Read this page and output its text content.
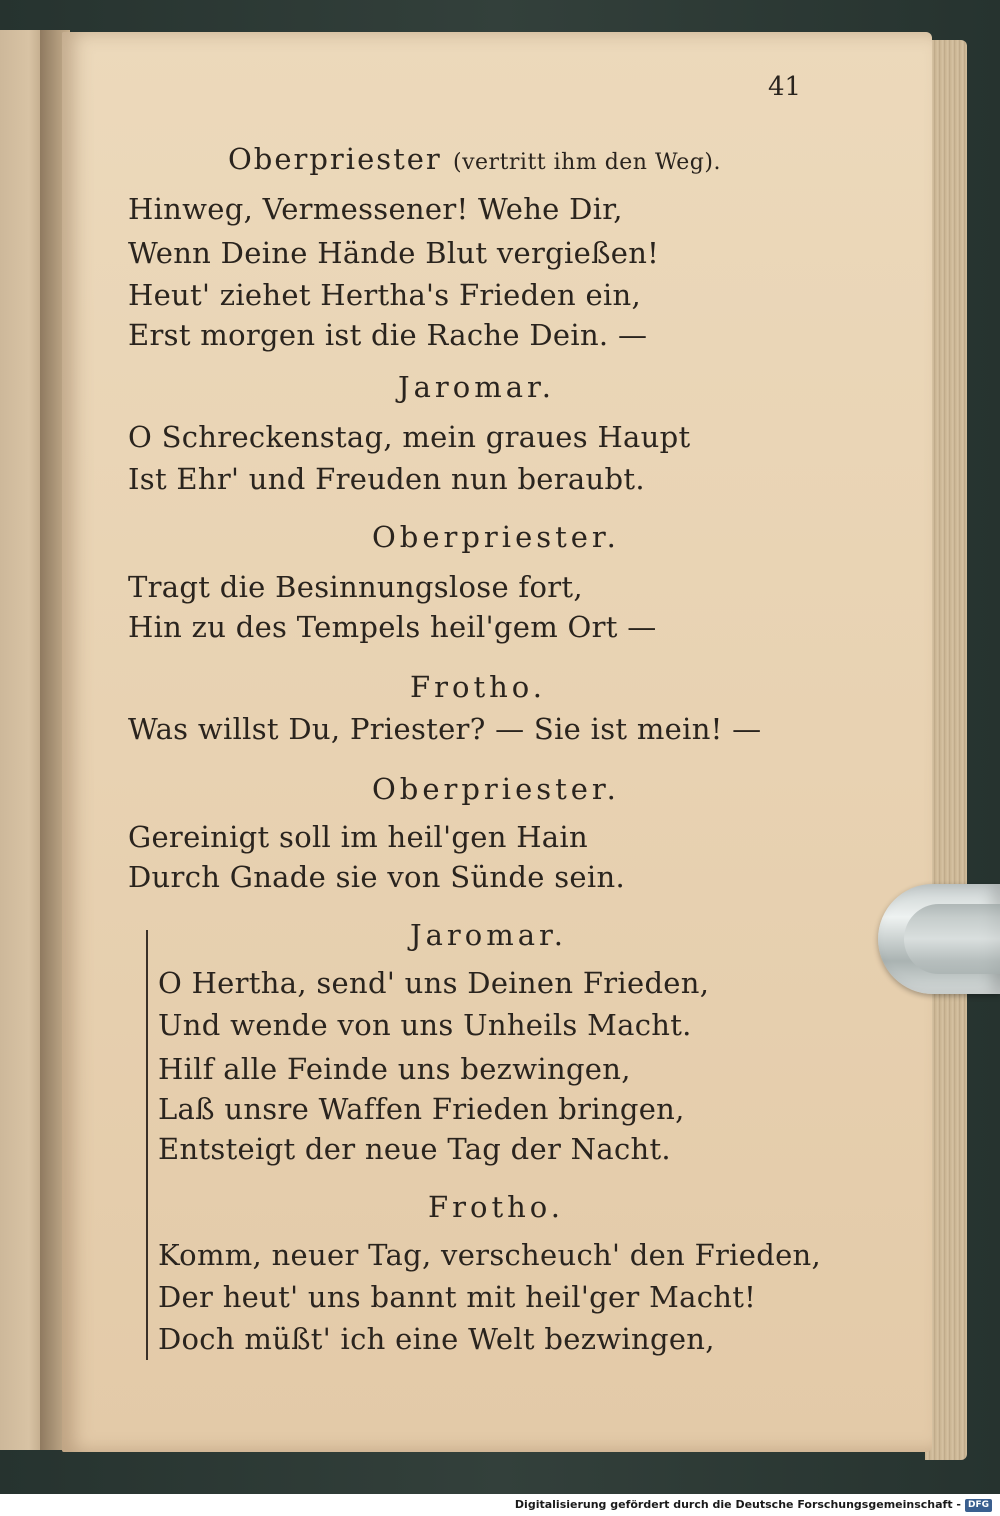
41
Oberpriester (vertritt ihm den Weg).
Hinweg, Vermessener! Wehe Dir,
Wenn Deine Hände Blut vergießen!
Heut' ziehet Hertha's Frieden ein,
Erst morgen ist die Rache Dein. —
Jaromar.
O Schreckenstag, mein graues Haupt
Ist Ehr' und Freuden nun beraubt.
Oberpriester.
Tragt die Besinnungslose fort,
Hin zu des Tempels heil'gem Ort —
Frotho.
Was willst Du, Priester? — Sie ist mein! —
Oberpriester.
Gereinigt soll im heil'gen Hain
Durch Gnade sie von Sünde sein.
Jaromar.
O Hertha, send' uns Deinen Frieden,
Und wende von uns Unheils Macht.
Hilf alle Feinde uns bezwingen,
Laß unsre Waffen Frieden bringen,
Entsteigt der neue Tag der Nacht.
Frotho.
Komm, neuer Tag, verscheuch' den Frieden,
Der heut' uns bannt mit heil'ger Macht!
Doch müßt' ich eine Welt bezwingen,
Digitalisierung gefördert durch die Deutsche Forschungsgemeinschaft - DFG
